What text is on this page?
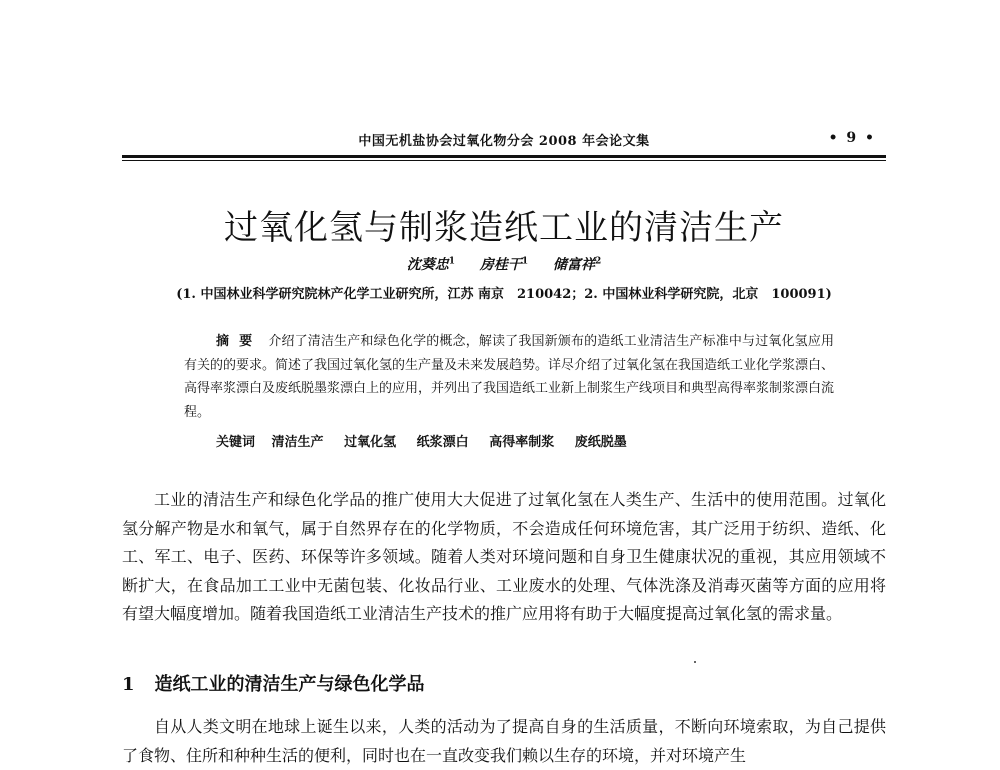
中国无机盐协会过氧化物分会 2008 年会论文集	• 9 •
过氧化氢与制浆造纸工业的清洁生产
沈葵忠$^1$ 房桂干$^1$ 储富祥$^2$
(1. 中国林业科学研究院林产化学工业研究所，江苏 南京　210042；2. 中国林业科学研究院，北京　100091)
摘要 介绍了清洁生产和绿色化学的概念，解读了我国新颁布的造纸工业清洁生产标准中与过氧化氢应用有关的的要求。简述了我国过氧化氢的生产量及未来发展趋势。详尽介绍了过氧化氢在我国造纸工业化学浆漂白、高得率浆漂白及废纸脱墨浆漂白上的应用，并列出了我国造纸工业新上制浆生产线项目和典型高得率浆制浆漂白流程。
关键词 清洁生产 过氧化氢 纸浆漂白 高得率制浆 废纸脱墨
工业的清洁生产和绿色化学品的推广使用大大促进了过氧化氢在人类生产、生活中的使用范围。过氧化氢分解产物是水和氧气，属于自然界存在的化学物质，不会造成任何环境危害，其广泛用于纺织、造纸、化工、军工、电子、医药、环保等许多领域。随着人类对环境问题和自身卫生健康状况的重视，其应用领域不断扩大，在食品加工工业中无菌包装、化妆品行业、工业废水的处理、气体洗涤及消毒灭菌等方面的应用将有望大幅度增加。随着我国造纸工业清洁生产技术的推广应用将有助于大幅度提高过氧化氢的需求量。
1 造纸工业的清洁生产与绿色化学品
自从人类文明在地球上诞生以来，人类的活动为了提高自身的生活质量，不断向环境索取，为自己提供了食物、住所和种种生活的便利，同时也在一直改变我们赖以生存的环境，并对环境产生
